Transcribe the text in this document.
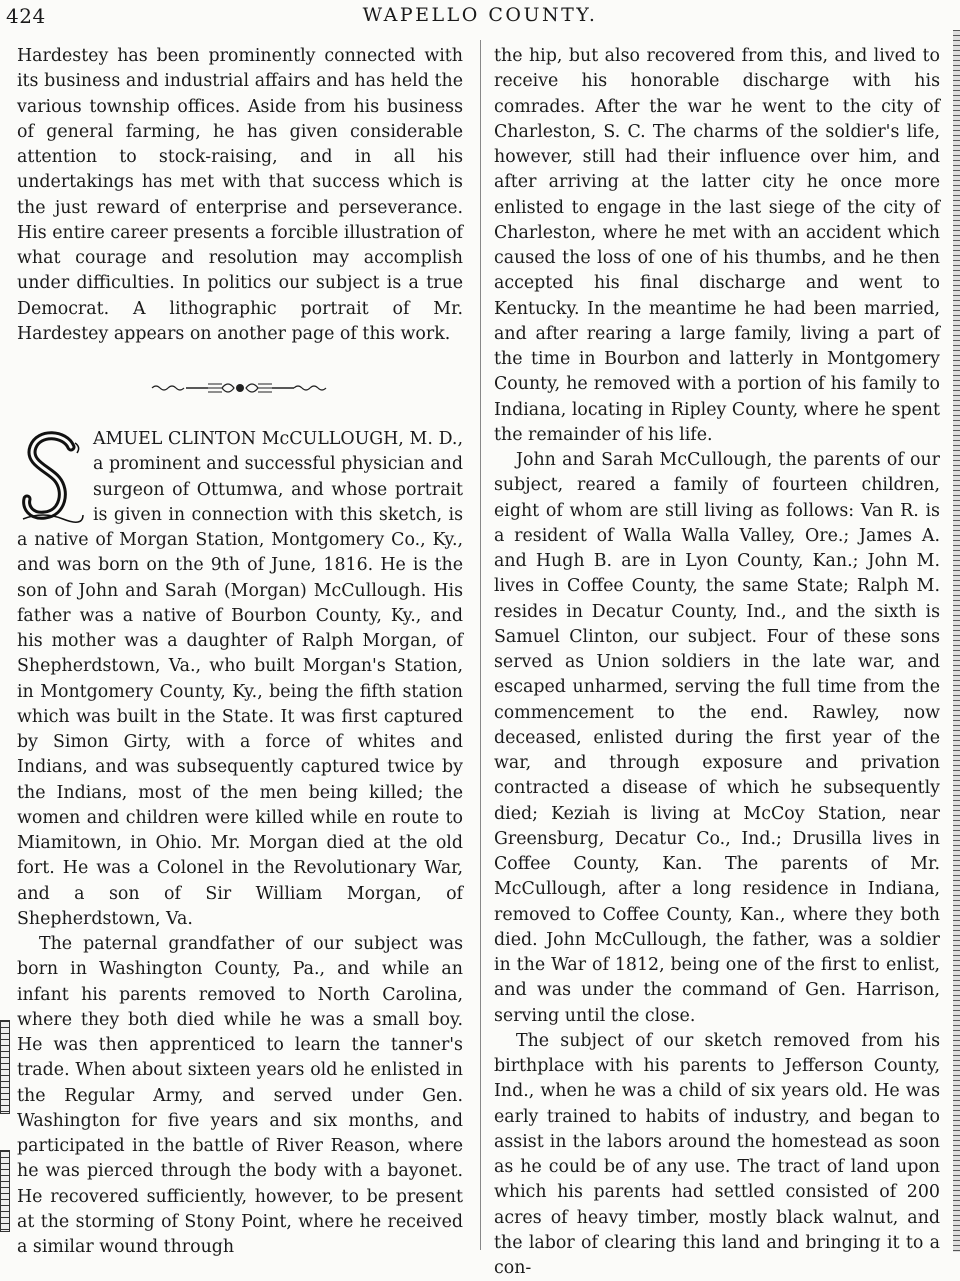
424	WAPELLO COUNTY.

Hardestey has been prominently connected with its business and industrial affairs and has held the various township offices. Aside from his business of general farming, he has given considerable attention to stock-raising, and in all his undertakings has met with that success which is the just reward of enterprise and perseverance. His entire career presents a forcible illustration of what courage and resolution may accomplish under difficulties. In politics our subject is a true Democrat. A lithographic portrait of Mr. Hardestey appears on another page of this work.

AMUEL CLINTON McCULLOUGH, M. D., a prominent and successful physician and surgeon of Ottumwa, and whose portrait is given in connection with this sketch, is a native of Morgan Station, Montgomery Co., Ky., and was born on the 9th of June, 1816. He is the son of John and Sarah (Morgan) McCullough. His father was a native of Bourbon County, Ky., and his mother was a daughter of Ralph Morgan, of Shepherdstown, Va., who built Morgan's Station, in Montgomery County, Ky., being the fifth station which was built in the State. It was first captured by Simon Girty, with a force of whites and Indians, and was subsequently captured twice by the Indians, most of the men being killed; the women and children were killed while en route to Miamitown, in Ohio. Mr. Morgan died at the old fort. He was a Colonel in the Revolutionary War, and a son of Sir William Morgan, of Shepherdstown, Va.

The paternal grandfather of our subject was born in Washington County, Pa., and while an infant his parents removed to North Carolina, where they both died while he was a small boy. He was then apprenticed to learn the tanner's trade. When about sixteen years old he enlisted in the Regular Army, and served under Gen. Washington for five years and six months, and participated in the battle of River Reason, where he was pierced through the body with a bayonet. He recovered sufficiently, however, to be present at the storming of Stony Point, where he received a similar wound through

the hip, but also recovered from this, and lived to receive his honorable discharge with his comrades. After the war he went to the city of Charleston, S. C. The charms of the soldier's life, however, still had their influence over him, and after arriving at the latter city he once more enlisted to engage in the last siege of the city of Charleston, where he met with an accident which caused the loss of one of his thumbs, and he then accepted his final discharge and went to Kentucky. In the meantime he had been married, and after rearing a large family, living a part of the time in Bourbon and latterly in Montgomery County, he removed with a portion of his family to Indiana, locating in Ripley County, where he spent the remainder of his life.

John and Sarah McCullough, the parents of our subject, reared a family of fourteen children, eight of whom are still living as follows: Van R. is a resident of Walla Walla Valley, Ore.; James A. and Hugh B. are in Lyon County, Kan.; John M. lives in Coffee County, the same State; Ralph M. resides in Decatur County, Ind., and the sixth is Samuel Clinton, our subject. Four of these sons served as Union soldiers in the late war, and escaped unharmed, serving the full time from the commencement to the end. Rawley, now deceased, enlisted during the first year of the war, and through exposure and privation contracted a disease of which he subsequently died; Keziah is living at McCoy Station, near Greensburg, Decatur Co., Ind.; Drusilla lives in Coffee County, Kan. The parents of Mr. McCullough, after a long residence in Indiana, removed to Coffee County, Kan., where they both died. John McCullough, the father, was a soldier in the War of 1812, being one of the first to enlist, and was under the command of Gen. Harrison, serving until the close.

The subject of our sketch removed from his birthplace with his parents to Jefferson County, Ind., when he was a child of six years old. He was early trained to habits of industry, and began to assist in the labors around the homestead as soon as he could be of any use. The tract of land upon which his parents had settled consisted of 200 acres of heavy timber, mostly black walnut, and the labor of clearing this land and bringing it to a con-
